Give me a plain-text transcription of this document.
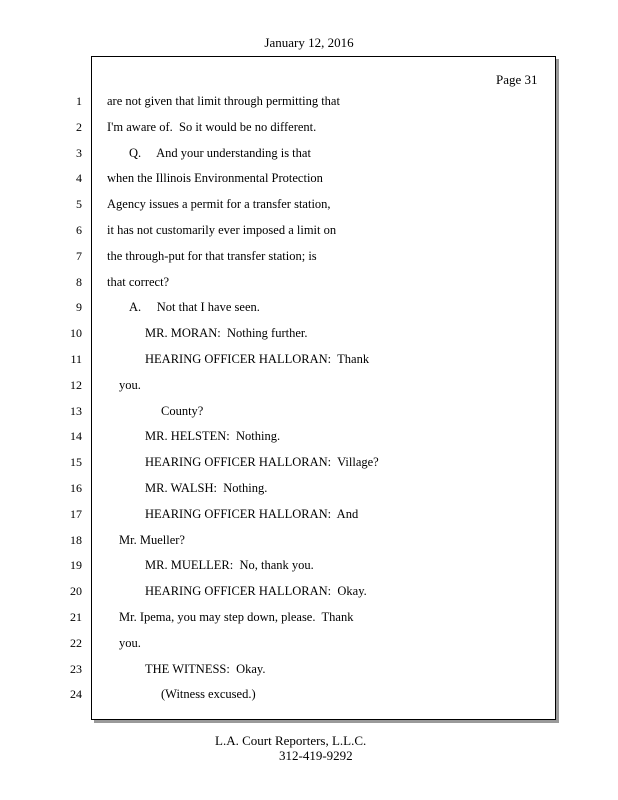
January 12, 2016
Page 31
1
2
3
4
5
6
7
8
9
10
11
12
13
14
15
16
17
18
19
20
21
22
23
24
are not given that limit through permitting that
I'm aware of.  So it would be no different.
Q.     And your understanding is that
when the Illinois Environmental Protection
Agency issues a permit for a transfer station,
it has not customarily ever imposed a limit on
the through-put for that transfer station; is
that correct?
A.     Not that I have seen.
MR. MORAN:  Nothing further.
HEARING OFFICER HALLORAN:  Thank
you.
County?
MR. HELSTEN:  Nothing.
HEARING OFFICER HALLORAN:  Village?
MR. WALSH:  Nothing.
HEARING OFFICER HALLORAN:  And
Mr. Mueller?
MR. MUELLER:  No, thank you.
HEARING OFFICER HALLORAN:  Okay.
Mr. Ipema, you may step down, please.  Thank
you.
THE WITNESS:  Okay.
(Witness excused.)
L.A. Court Reporters, L.L.C.
312-419-9292
